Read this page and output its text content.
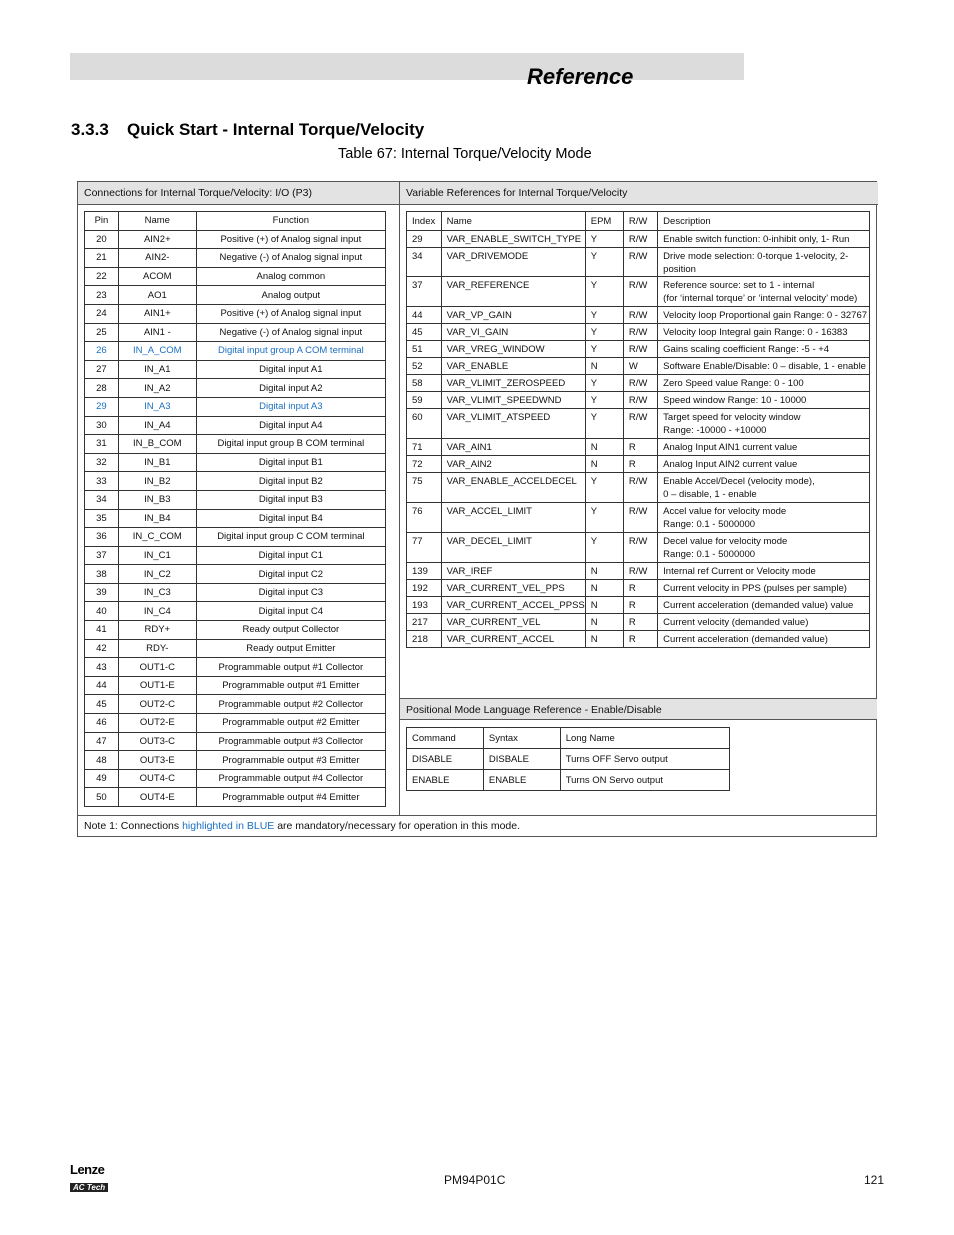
Reference
3.3.3 Quick Start - Internal Torque/Velocity
Table 67: Internal Torque/Velocity Mode
Connections for Internal Torque/Velocity: I/O (P3)
Pin	Name	Function
20	AIN2+	Positive (+) of Analog signal input
21	AIN2-	Negative (-) of Analog signal input
22	ACOM	Analog common
23	AO1	Analog output
24	AIN1+	Positive (+) of Analog signal input
25	AIN1 -	Negative (-) of Analog signal input
26	IN_A_COM	Digital input group A COM terminal
27	IN_A1	Digital input A1
28	IN_A2	Digital input A2
29	IN_A3	Digital input A3
30	IN_A4	Digital input A4
31	IN_B_COM	Digital input group B COM terminal
32	IN_B1	Digital input B1
33	IN_B2	Digital input B2
34	IN_B3	Digital input B3
35	IN_B4	Digital input B4
36	IN_C_COM	Digital input group C COM terminal
37	IN_C1	Digital input C1
38	IN_C2	Digital input C2
39	IN_C3	Digital input C3
40	IN_C4	Digital input C4
41	RDY+	Ready output Collector
42	RDY-	Ready output Emitter
43	OUT1-C	Programmable output #1 Collector
44	OUT1-E	Programmable output #1 Emitter
45	OUT2-C	Programmable output #2 Collector
46	OUT2-E	Programmable output #2 Emitter
47	OUT3-C	Programmable output #3 Collector
48	OUT3-E	Programmable output #3 Emitter
49	OUT4-C	Programmable output #4 Collector
50	OUT4-E	Programmable output #4 Emitter
Variable References for Internal Torque/Velocity
Index	Name	EPM	R/W	Description
29	VAR_ENABLE_SWITCH_TYPE	Y	R/W	Enable switch function: 0-inhibit only, 1- Run

34	VAR_DRIVEMODE	Y	R/W	Drive mode selection: 0-torque 1-velocity, 2-position

37	VAR_REFERENCE	Y	R/W	Reference source: set to 1 - internal
(for ‘internal torque’ or ‘internal velocity’ mode)

44	VAR_VP_GAIN	Y	R/W	Velocity loop Proportional gain Range: 0 - 32767

45	VAR_VI_GAIN	Y	R/W	Velocity loop Integral gain Range: 0 - 16383

51	VAR_VREG_WINDOW	Y	R/W	Gains scaling coefficient Range: -5 - +4

52	VAR_ENABLE	N	W	Software Enable/Disable: 0 – disable, 1 - enable

58	VAR_VLIMIT_ZEROSPEED	Y	R/W	Zero Speed value Range: 0 - 100

59	VAR_VLIMIT_SPEEDWND	Y	R/W	Speed window Range: 10 - 10000

60	VAR_VLIMIT_ATSPEED	Y	R/W	Target speed for velocity window
Range: -10000 - +10000

71	VAR_AIN1	N	R	Analog Input AIN1 current value

72	VAR_AIN2	N	R	Analog Input AIN2 current value

75	VAR_ENABLE_ACCELDECEL	Y	R/W	Enable Accel/Decel (velocity mode),
0 – disable, 1 - enable

76	VAR_ACCEL_LIMIT	Y	R/W	Accel value for velocity mode
Range: 0.1 - 5000000

77	VAR_DECEL_LIMIT	Y	R/W	Decel value for velocity mode
Range: 0.1 - 5000000

139	VAR_IREF	N	R/W	Internal ref Current or Velocity mode

192	VAR_CURRENT_VEL_PPS	N	R	Current velocity in PPS (pulses per sample)

193	VAR_CURRENT_ACCEL_PPSS	N	R	Current acceleration (demanded value) value

217	VAR_CURRENT_VEL	N	R	Current velocity (demanded value)

218	VAR_CURRENT_ACCEL	N	R	Current acceleration (demanded value)
Positional Mode Language Reference - Enable/Disable
Command	Syntax	Long Name
DISABLE	DISBALE	Turns OFF Servo output
ENABLE	ENABLE	Turns ON Servo output
Note 1: Connections highlighted in BLUE are mandatory/necessary for operation in this mode.
Lenze
AC Tech
PM94P01C	121
